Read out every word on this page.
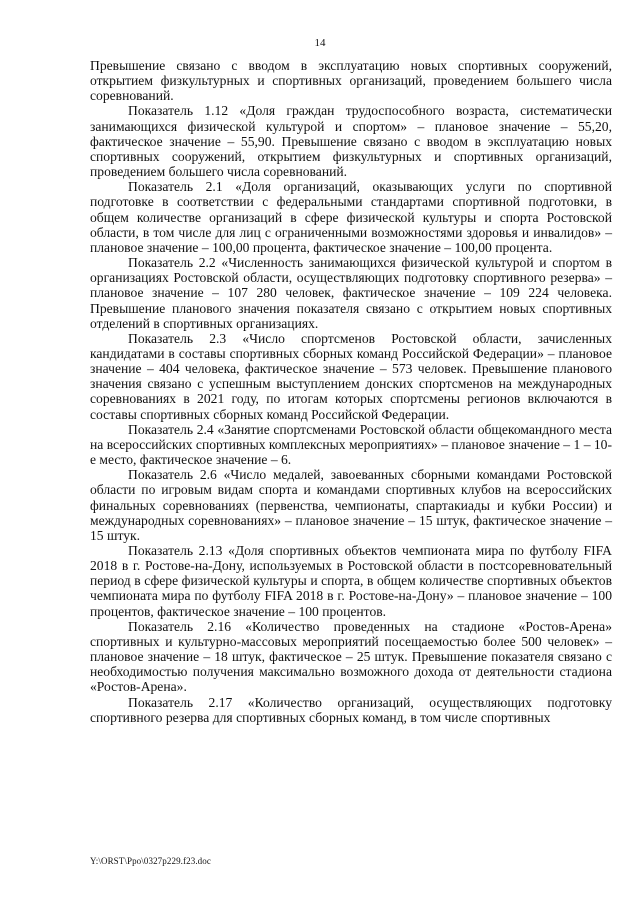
14

Превышение связано с вводом в эксплуатацию новых спортивных сооружений, открытием физкультурных и спортивных организаций, проведением большего числа соревнований.

Показатель 1.12 «Доля граждан трудоспособного возраста, систематически занимающихся физической культурой и спортом» – плановое значение – 55,20, фактическое значение – 55,90. Превышение связано с вводом в эксплуатацию новых спортивных сооружений, открытием физкультурных и спортивных организаций, проведением большего числа соревнований.

Показатель 2.1 «Доля организаций, оказывающих услуги по спортивной подготовке в соответствии с федеральными стандартами спортивной подготовки, в общем количестве организаций в сфере физической культуры и спорта Ростовской области, в том числе для лиц с ограниченными возможностями здоровья и инвалидов» – плановое значение – 100,00 процента, фактическое значение – 100,00 процента.

Показатель 2.2 «Численность занимающихся физической культурой и спортом в организациях Ростовской области, осуществляющих подготовку спортивного резерва» – плановое значение – 107 280 человек, фактическое значение – 109 224 человека. Превышение планового значения показателя связано с открытием новых спортивных отделений в спортивных организациях.

Показатель 2.3 «Число спортсменов Ростовской области, зачисленных кандидатами в составы спортивных сборных команд Российской Федерации» – плановое значение – 404 человека, фактическое значение – 573 человек. Превышение планового значения связано с успешным выступлением донских спортсменов на международных соревнованиях в 2021 году, по итогам которых спортсмены регионов включаются в составы спортивных сборных команд Российской Федерации.

Показатель 2.4 «Занятие спортсменами Ростовской области общекомандного места на всероссийских спортивных комплексных мероприятиях» – плановое значение – 1 – 10-е место, фактическое значение – 6.

Показатель 2.6 «Число медалей, завоеванных сборными командами Ростовской области по игровым видам спорта и командами спортивных клубов на всероссийских финальных соревнованиях (первенства, чемпионаты, спартакиады и кубки России) и международных соревнованиях» – плановое значение – 15 штук, фактическое значение – 15 штук.

Показатель 2.13 «Доля спортивных объектов чемпионата мира по футболу FIFA 2018 в г. Ростове-на-Дону, используемых в Ростовской области в постсоревновательный период в сфере физической культуры и спорта, в общем количестве спортивных объектов чемпионата мира по футболу FIFA 2018 в г. Ростове-на-Дону» – плановое значение – 100 процентов, фактическое значение – 100 процентов.

Показатель 2.16 «Количество проведенных на стадионе «Ростов-Арена» спортивных и культурно-массовых мероприятий посещаемостью более 500 человек» – плановое значение – 18 штук, фактическое – 25 штук. Превышение показателя связано с необходимостью получения максимально возможного дохода от деятельности стадиона «Ростов-Арена».

Показатель 2.17 «Количество организаций, осуществляющих подготовку спортивного резерва для спортивных сборных команд, в том числе спортивных

Y:\ORST\Ppo\0327p229.f23.doc
